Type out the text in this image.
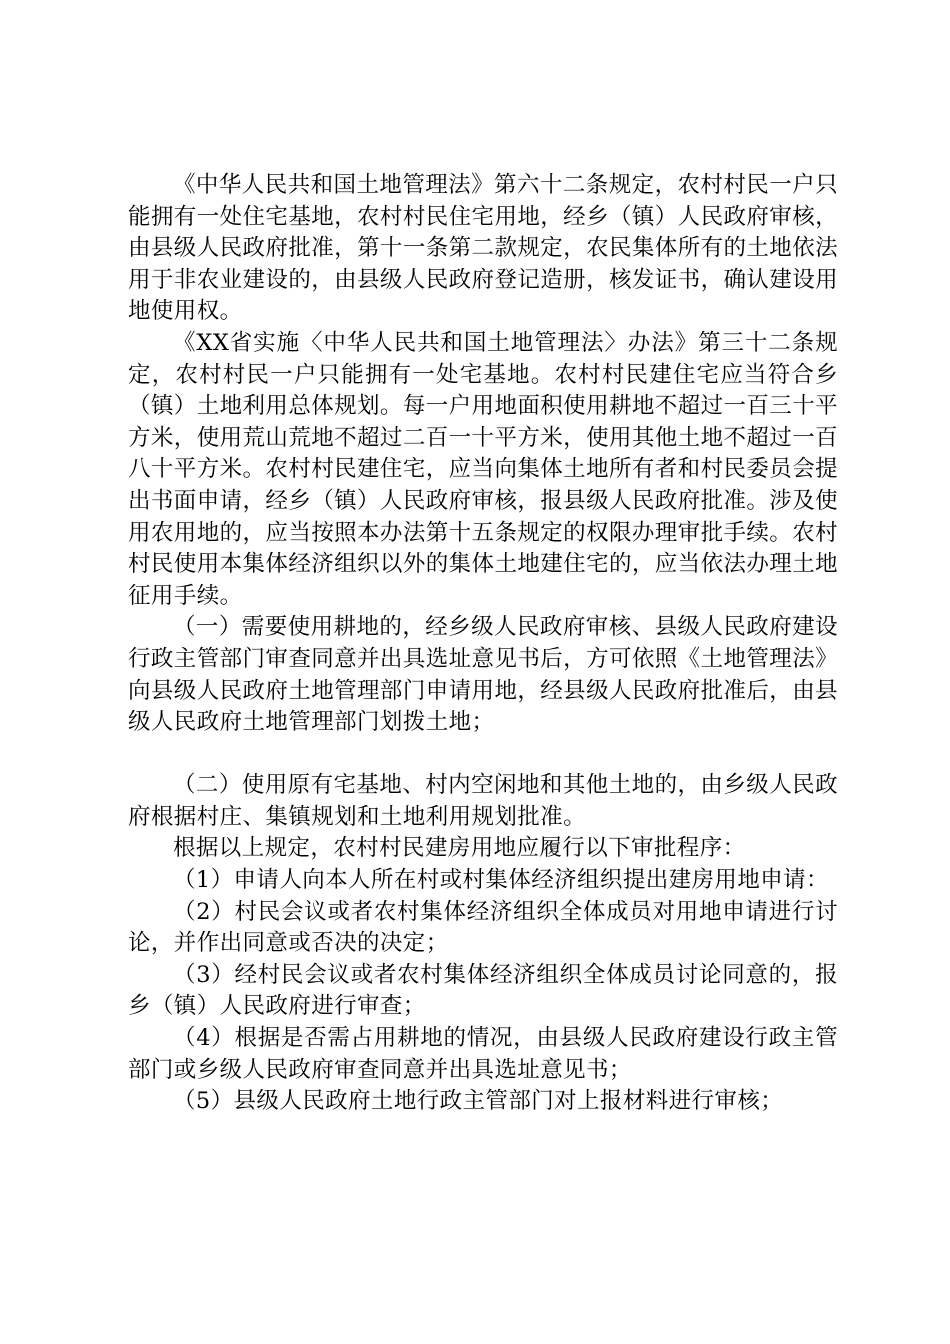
《中华人民共和国土地管理法》第六十二条规定，农村村民一户只能拥有一处住宅基地，农村村民住宅用地，经乡（镇）人民政府审核，由县级人民政府批准，第十一条第二款规定，农民集体所有的土地依法用于非农业建设的，由县级人民政府登记造册，核发证书，确认建设用地使用权。

《XX省实施〈中华人民共和国土地管理法〉办法》第三十二条规定，农村村民一户只能拥有一处宅基地。农村村民建住宅应当符合乡（镇）土地利用总体规划。每一户用地面积使用耕地不超过一百三十平方米，使用荒山荒地不超过二百一十平方米，使用其他土地不超过一百八十平方米。农村村民建住宅，应当向集体土地所有者和村民委员会提出书面申请，经乡（镇）人民政府审核，报县级人民政府批准。涉及使用农用地的，应当按照本办法第十五条规定的权限办理审批手续。农村村民使用本集体经济组织以外的集体土地建住宅的，应当依法办理土地征用手续。

（一）需要使用耕地的，经乡级人民政府审核、县级人民政府建设行政主管部门审查同意并出具选址意见书后，方可依照《土地管理法》向县级人民政府土地管理部门申请用地，经县级人民政府批准后，由县级人民政府土地管理部门划拨土地；

（二）使用原有宅基地、村内空闲地和其他土地的，由乡级人民政府根据村庄、集镇规划和土地利用规划批准。

根据以上规定，农村村民建房用地应履行以下审批程序：

（1）申请人向本人所在村或村集体经济组织提出建房用地申请：

（2）村民会议或者农村集体经济组织全体成员对用地申请进行讨论，并作出同意或否决的决定；

（3）经村民会议或者农村集体经济组织全体成员讨论同意的，报乡（镇）人民政府进行审查；

（4）根据是否需占用耕地的情况，由县级人民政府建设行政主管部门或乡级人民政府审查同意并出具选址意见书；

（5）县级人民政府土地行政主管部门对上报材料进行审核；
